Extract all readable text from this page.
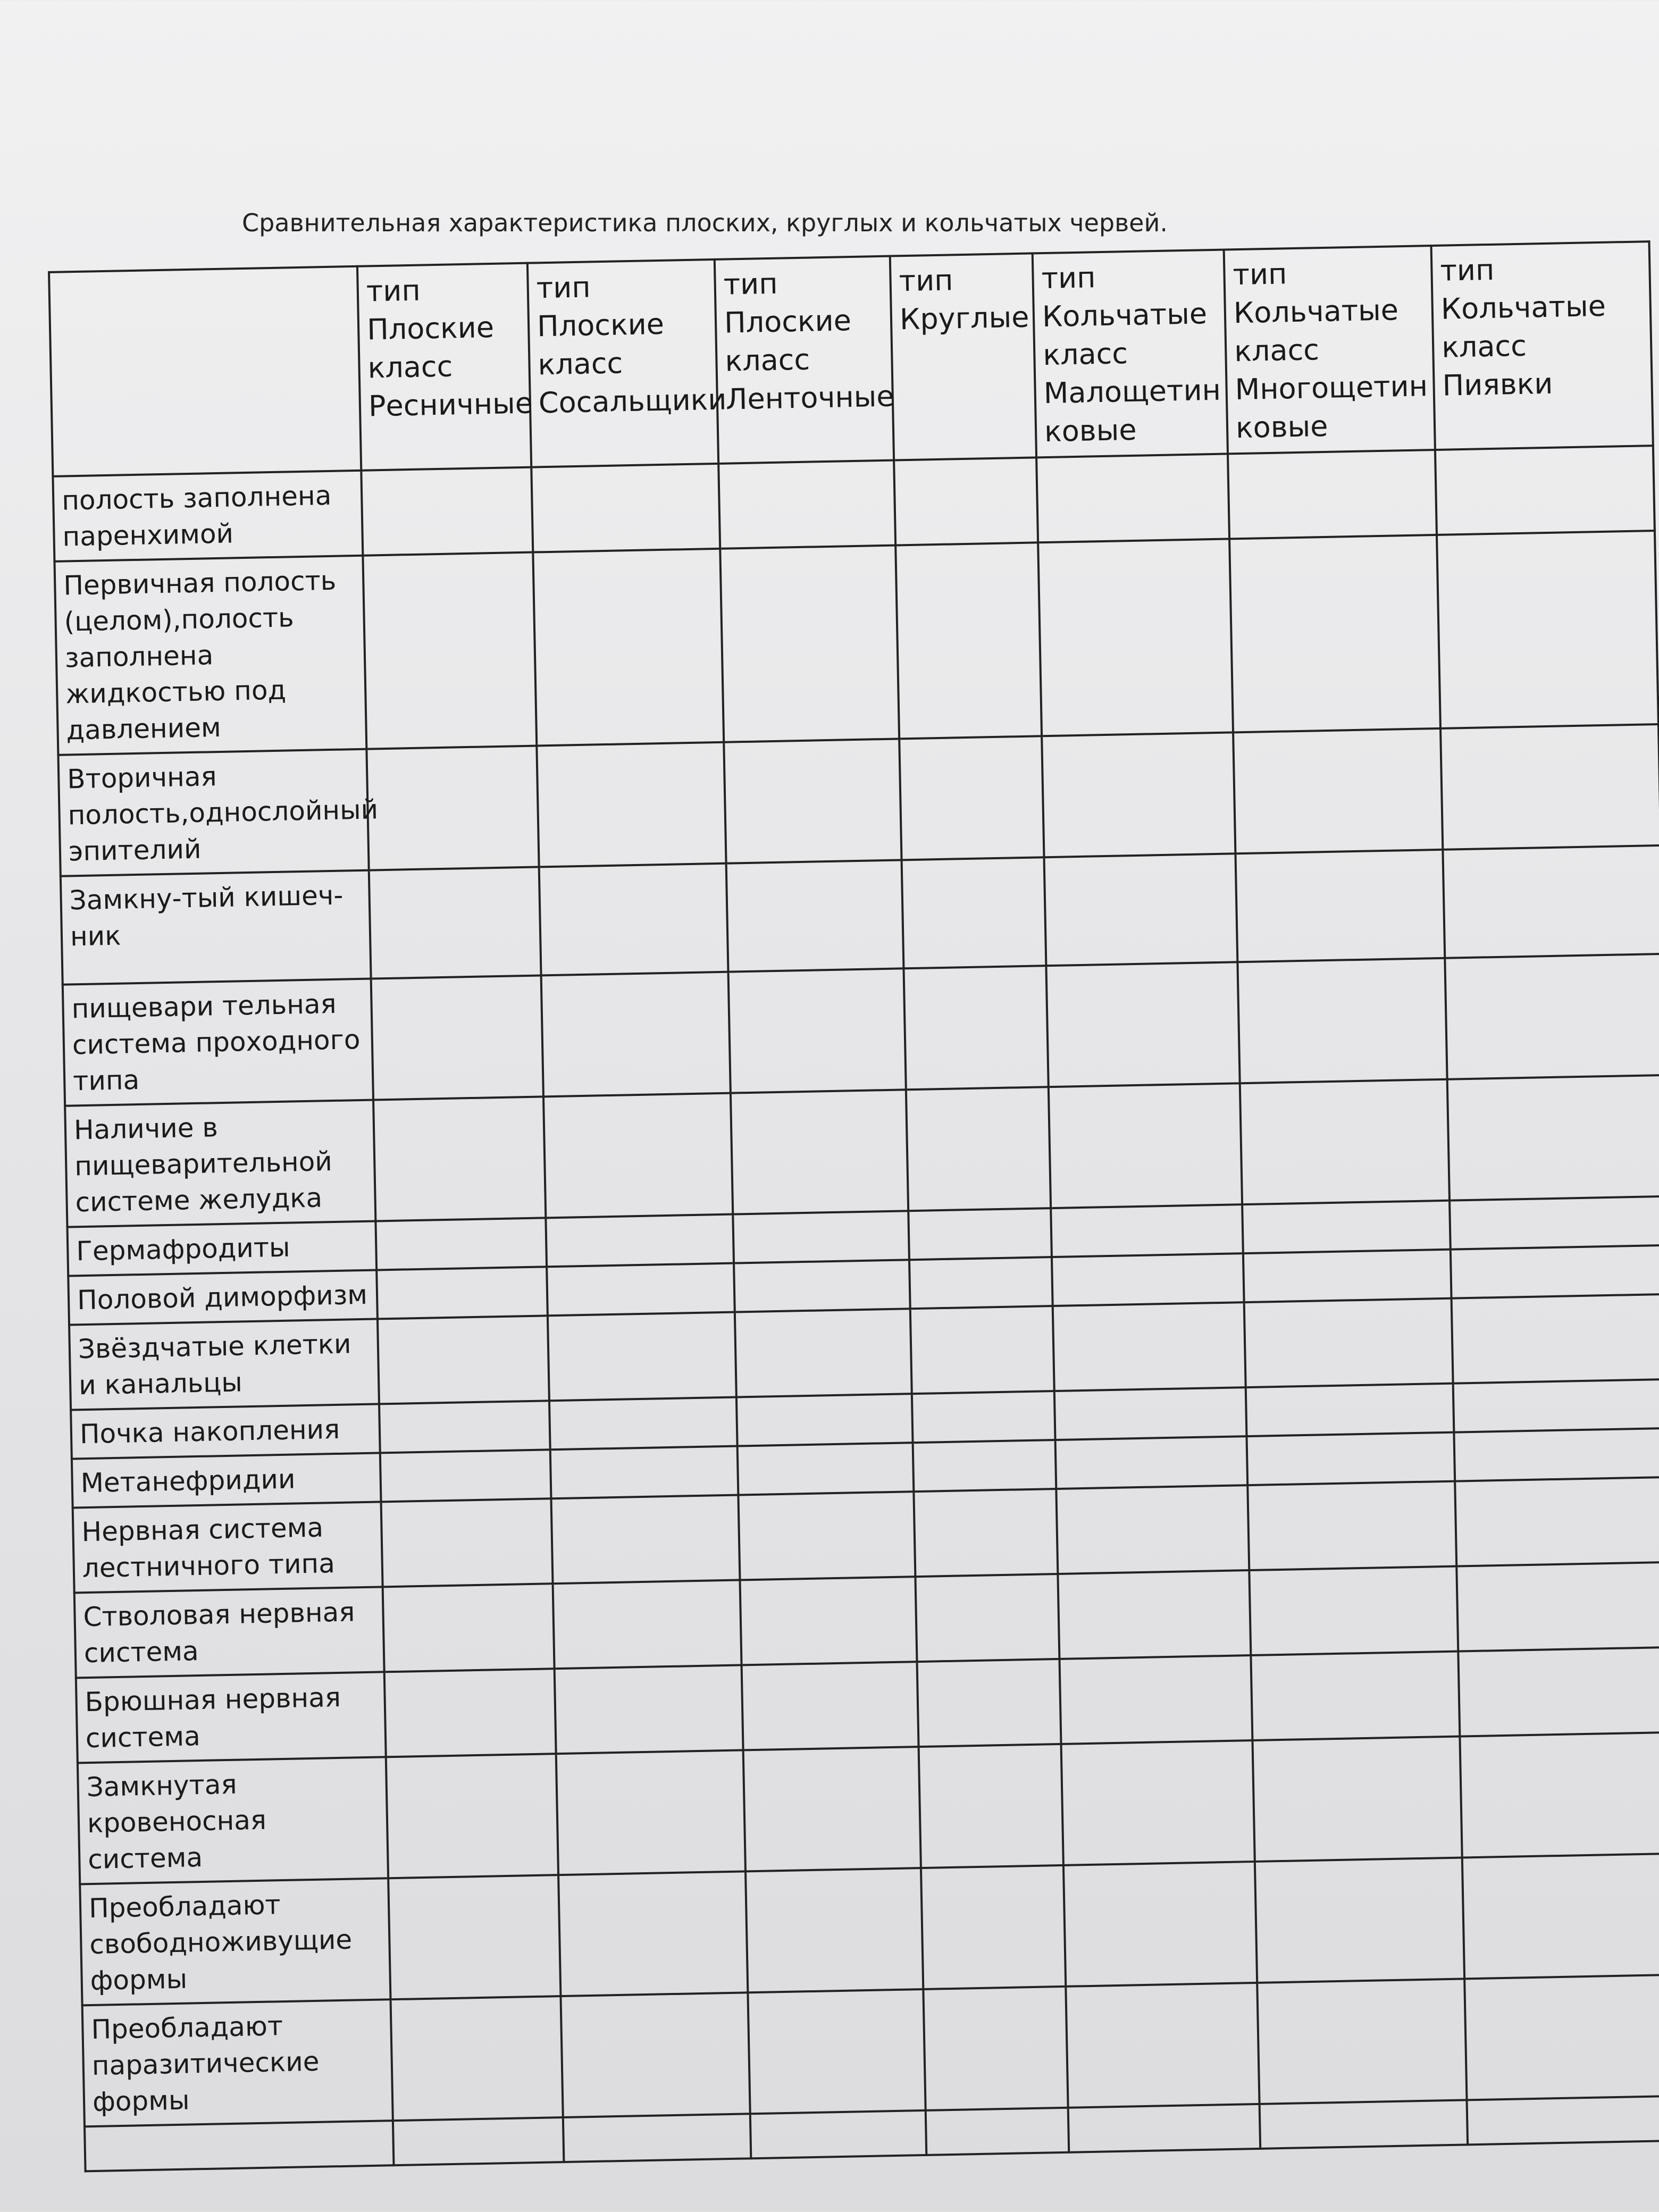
Сравнительная характеристика плоских, круглых и кольчатых червей.
	тип
Плоские
класс
Ресничные	тип
Плоские
класс
Сосальщики	тип
Плоские
класс
Ленточные	тип
Круглые	тип
Кольчатые
класс
Малощетин
ковые	тип
Кольчатые
класс
Многощетин
ковые	тип
Кольчатые
класс
Пиявки
полость заполнена паренхимой							
Первичная полость (целом),полость заполнена жидкостью под давлением							
Вторичная полость,однослойный эпителий							
Замкну-тый кишеч-ник							
пищевари тельная система проходного типа							
Наличие в пищеварительной системе желудка							
Гермафродиты							
Половой диморфизм							
Звёздчатые клетки и канальцы							
Почка накопления							
Метанефридии							
Нервная система лестничного типа							
Стволовая нервная система							
Брюшная нервная система							
Замкнутая кровеносная система							
Преобладают свободноживущие формы							
Преобладают паразитические формы							
